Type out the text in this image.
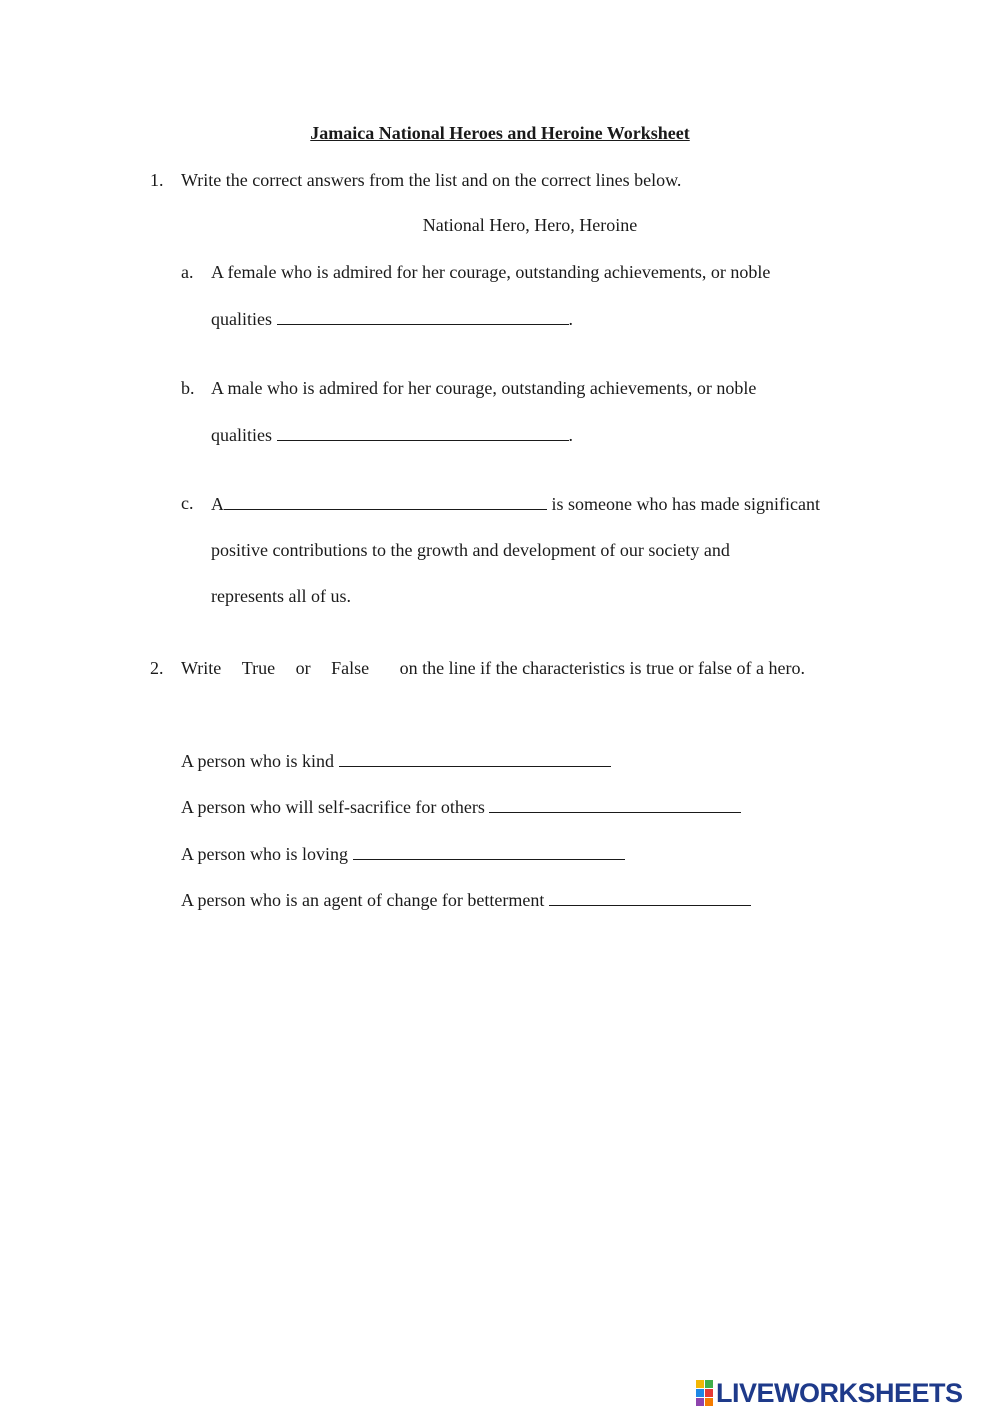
Jamaica National Heroes and Heroine Worksheet
1. Write the correct answers from the list and on the correct lines below.
National Hero, Hero, Heroine
a. A female who is admired for her courage, outstanding achievements, or noble
qualities	.
b. A male who is admired for her courage, outstanding achievements, or noble
qualities	.
c. A	is someone who has made significant
positive contributions to the growth and development of our society and
represents all of us.
2. Write True or False on the line if the characteristics is true or false of a hero.
A person who is kind
A person who will self-sacrifice for others
A person who is loving
A person who is an agent of change for betterment
LIVEWORKSHEETS
